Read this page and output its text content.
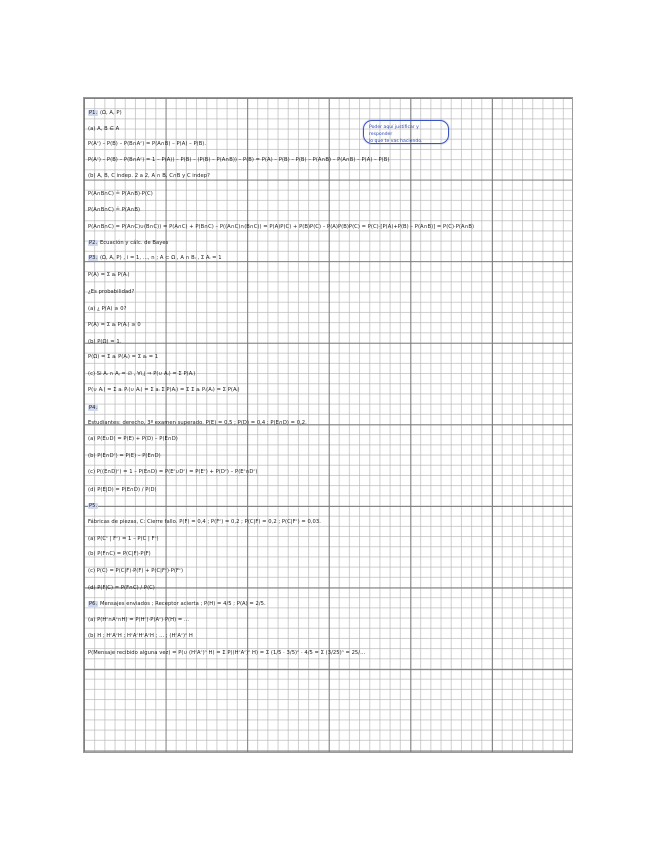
Poder aquí justificar y responder
lo que te vas haciendo.
P1. (Ω, A, P)
(a) A, B ∈ A
P(Aᶜ) – P(B) – P(B∩Aᶜ) = P(A∩B) – P(A) – P(B).
P(Aᶜ) – P(B) – P(B∩Aᶜ) = 1 – P(A)) – P(B) – (P(B) – P(A∩B)) – P(B) = P(A) – P(B) – P(B) – P(A∩B) – P(A∩B) – P(A) – P(B)
(b) A, B, C indep. 2 a 2, A ∩ B, C∩B y C indep?
P(A∩B∩C) ≟ P(A∩B)·P(C)
P(A∩B∩C) ≟ P(A∩B)
P(A∩B∩C) = P(A∩C)∪(B∩C)) = P(A∩C) + P(B∩C) – P((A∩C)∩(B∩C)) = P(A)P(C) + P(B)P(C) – P(A)P(B)P(C) = P(C)·[P(A)+P(B) – P(A∩B)] = P(C)·P(A∩B)
P2. Ecuación y cálc. de Bayes
P3. (Ω, A, P) , i = 1, ..., n ; A ⊂ Ω , A ∩ Bᵢ , Σ Aᵢ = 1
P(A) = Σ aᵢ P(Aᵢ)
¿Es probabilidad?
(a) ¿ P(A) ≥ 0?
P(A) = Σ aᵢ P(Aᵢ) ≥ 0
(b) P(Ω) = 1.
P(Ω) = Σ aᵢ P(Aᵢ) = Σ aᵢ = 1
(c) Si Aᵢ ∩ Aⱼ = ∅ , ∀i,j ⇒ P(∪ Aᵢ) = Σ P(Aᵢ)
P(∪ Aᵢ) = Σ aᵢ Pᵢ(∪ Aᵢ) = Σ aᵢ Σ P(Aᵢ) = Σ Σ aᵢ Pᵢ(Aᵢ) = Σ P(Aᵢ)
P4.
Estudiantes: derecho, 3º examen superado. P(E) = 0,5 ; P(D) = 0,4 ; P(E∩D) = 0,2.
(a) P(E∪D) = P(E) + P(D) – P(E∩D)
(b) P(E∩Dᶜ) = P(E) – P(E∩D)
(c) P((E∩D)ᶜ) = 1 – P(E∩D) = P(Eᶜ∪Dᶜ) = P(Eᶜ) + P(Dᶜ) – P(Eᶜ∩Dᶜ)
(d) P(E|D) = P(E∩D) / P(D)
P5.
Fábricas de piezas, C: Cierre fallo. P(F) = 0,4 ; P(Fᶜ) = 0,2 ; P(C|F) = 0,2 ; P(C|Fᶜ) = 0,03.
(a) P(Cᶜ | Fᶜ) = 1 – P(C | Fᶜ)
(b) P(F∩C) = P(C|F)·P(F)
(c) P(C) = P(C|F)·P(F) + P(C|Fᶜ)·P(Fᶜ)
(d) P(F|C) = P(F∩C) / P(C)
P6. Mensajes enviados ; Receptor acierta ; P(H) = 4/5 ; P(A) = 2/5.
(a) P(Hᶜ∩Aᶜ∩H) = P(Hᶜ)·P(Aᶜ)·P(H) = ...
(b) H ; HᶜAᶜH ; HᶜAᶜHᶜAᶜH ; ... ; (HᶜAᶜ)ⁿ H
P(Mensaje recibido alguna vez) = P(∪ (HᶜAᶜ)ⁿ H) = Σ P((HᶜAᶜ)ⁿ H) = Σ (1/5 · 3/5)ⁿ · 4/5 = Σ (3/25)ⁿ = 25/...
